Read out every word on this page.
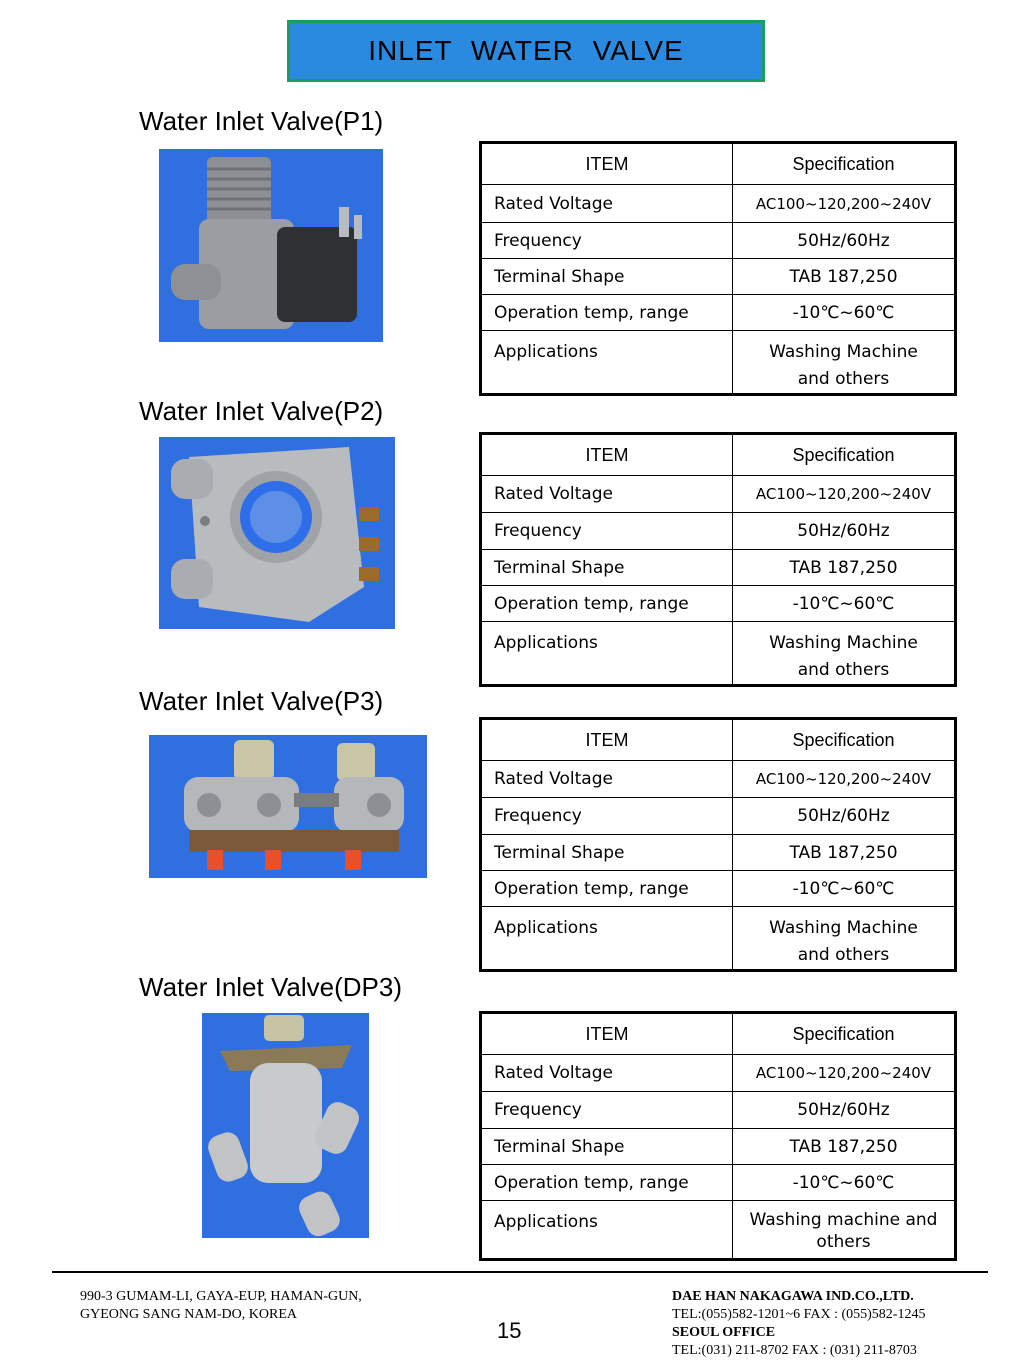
INLET WATER VALVE
Water Inlet Valve(P1)
ITEM	Specification
Rated Voltage	AC100~120,200~240V
Frequency	50Hz/60Hz
Terminal Shape	TAB 187,250
Operation temp, range	-10℃~60℃
Applications	Washing Machine
and others
Water Inlet Valve(P2)
ITEM	Specification
Rated Voltage	AC100~120,200~240V
Frequency	50Hz/60Hz
Terminal Shape	TAB 187,250
Operation temp, range	-10℃~60℃
Applications	Washing Machine
and others
Water Inlet Valve(P3)
ITEM	Specification
Rated Voltage	AC100~120,200~240V
Frequency	50Hz/60Hz
Terminal Shape	TAB 187,250
Operation temp, range	-10℃~60℃
Applications	Washing Machine
and others
Water Inlet Valve(DP3)
ITEM	Specification
Rated Voltage	AC100~120,200~240V
Frequency	50Hz/60Hz
Terminal Shape	TAB 187,250
Operation temp, range	-10℃~60℃
Applications	Washing machine and
others
990-3 GUMAM-LI, GAYA-EUP, HAMAN-GUN,
GYEONG SANG NAM-DO, KOREA
15
DAE HAN NAKAGAWA IND.CO.,LTD.
TEL:(055)582-1201~6 FAX : (055)582-1245
SEOUL OFFICE
TEL:(031) 211-8702 FAX : (031) 211-8703
